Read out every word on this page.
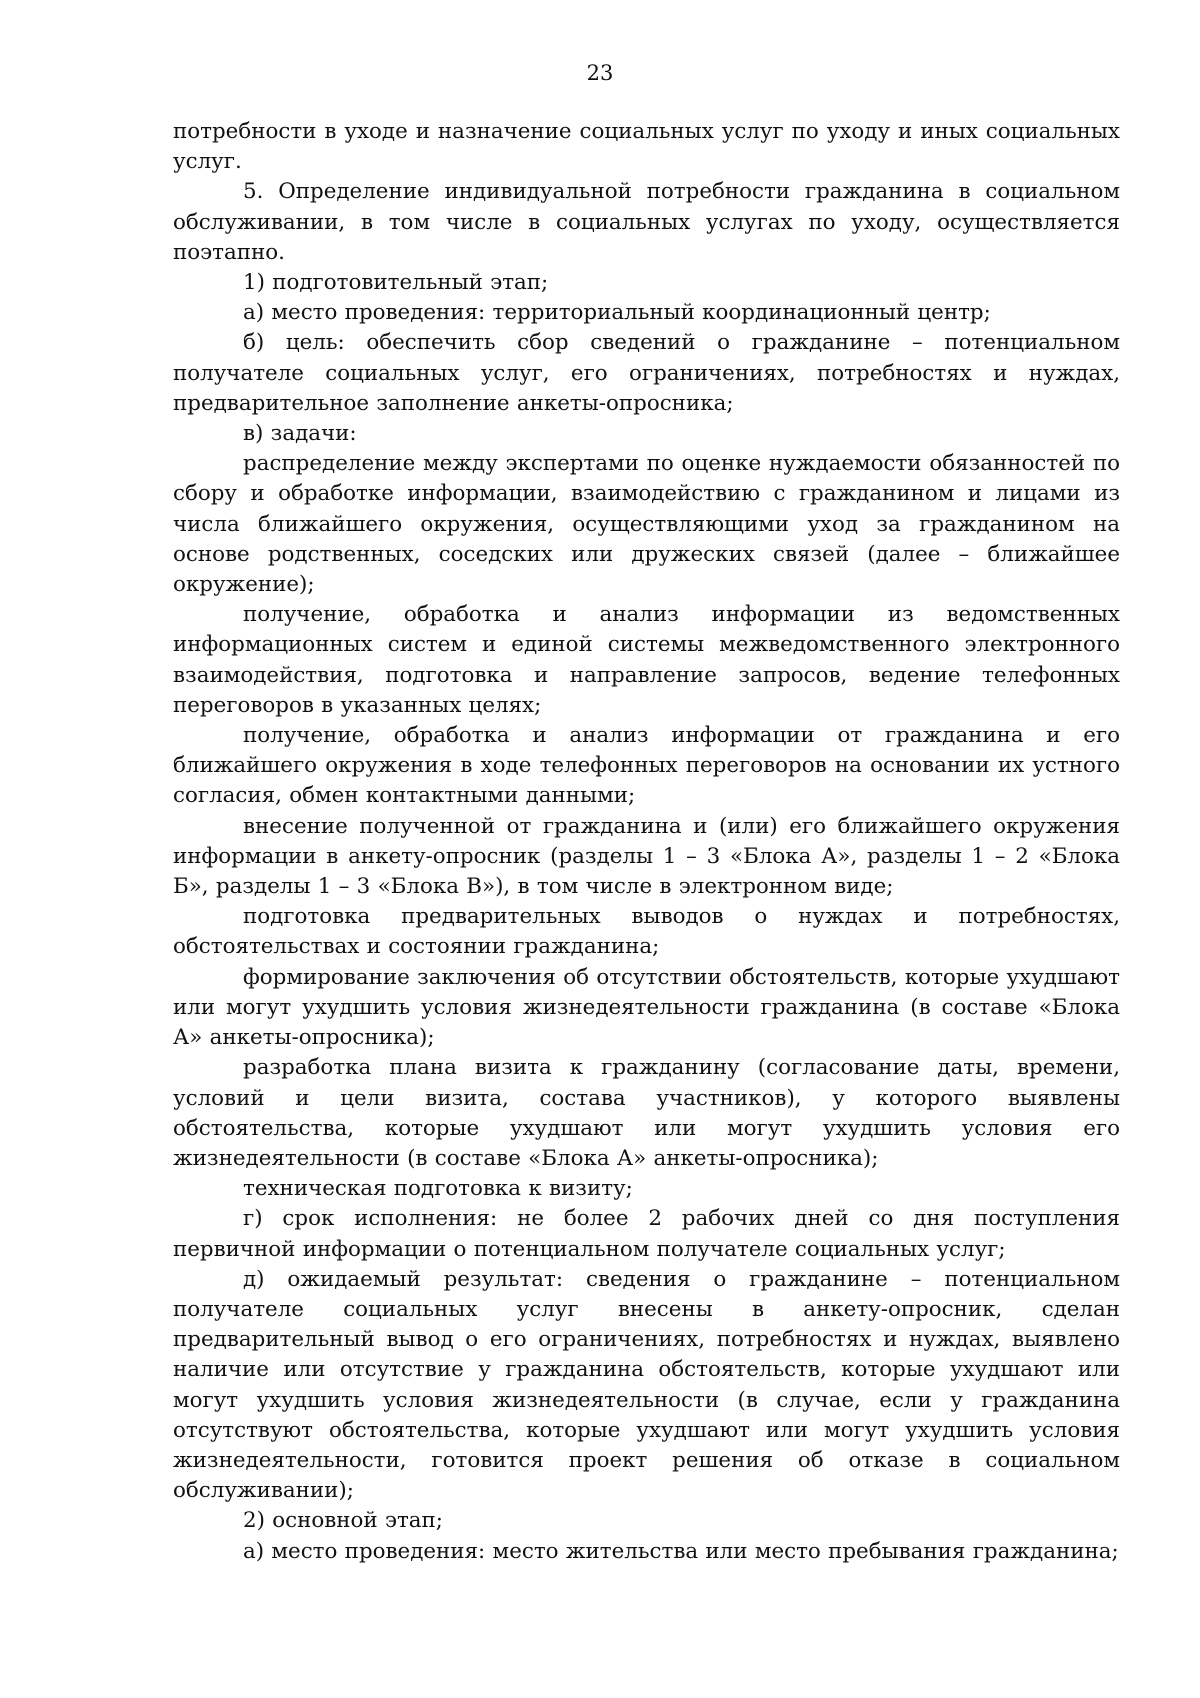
23

потребности в уходе и назначение социальных услуг по уходу и иных социальных услуг.

5. Определение индивидуальной потребности гражданина в социальном обслуживании, в том числе в социальных услугах по уходу, осуществляется поэтапно.

1) подготовительный этап;

а) место проведения: территориальный координационный центр;

б) цель: обеспечить сбор сведений о гражданине – потенциальном получателе социальных услуг, его ограничениях, потребностях и нуждах, предварительное заполнение анкеты-опросника;

в) задачи:

распределение между экспертами по оценке нуждаемости обязанностей по сбору и обработке информации, взаимодействию с гражданином и лицами из числа ближайшего окружения, осуществляющими уход за гражданином на основе родственных, соседских или дружеских связей (далее – ближайшее окружение);

получение, обработка и анализ информации из ведомственных информационных систем и единой системы межведомственного электронного взаимодействия, подготовка и направление запросов, ведение телефонных переговоров в указанных целях;

получение, обработка и анализ информации от гражданина и его ближайшего окружения в ходе телефонных переговоров на основании их устного согласия, обмен контактными данными;

внесение полученной от гражданина и (или) его ближайшего окружения информации в анкету-опросник (разделы 1 – 3 «Блока А», разделы 1 – 2 «Блока Б», разделы 1 – 3 «Блока В»), в том числе в электронном виде;

подготовка предварительных выводов о нуждах и потребностях, обстоятельствах и состоянии гражданина;

формирование заключения об отсутствии обстоятельств, которые ухудшают или могут ухудшить условия жизнедеятельности гражданина (в составе «Блока А» анкеты-опросника);

разработка плана визита к гражданину (согласование даты, времени, условий и цели визита, состава участников), у которого выявлены обстоятельства, которые ухудшают или могут ухудшить условия его жизнедеятельности (в составе «Блока А» анкеты-опросника);

техническая подготовка к визиту;

г) срок исполнения: не более 2 рабочих дней со дня поступления первичной информации о потенциальном получателе социальных услуг;

д) ожидаемый результат: сведения о гражданине – потенциальном получателе социальных услуг внесены в анкету-опросник, сделан предварительный вывод о его ограничениях, потребностях и нуждах, выявлено наличие или отсутствие у гражданина обстоятельств, которые ухудшают или могут ухудшить условия жизнедеятельности (в случае, если у гражданина отсутствуют обстоятельства, которые ухудшают или могут ухудшить условия жизнедеятельности, готовится проект решения об отказе в социальном обслуживании);

2) основной этап;

а) место проведения: место жительства или место пребывания гражданина;
